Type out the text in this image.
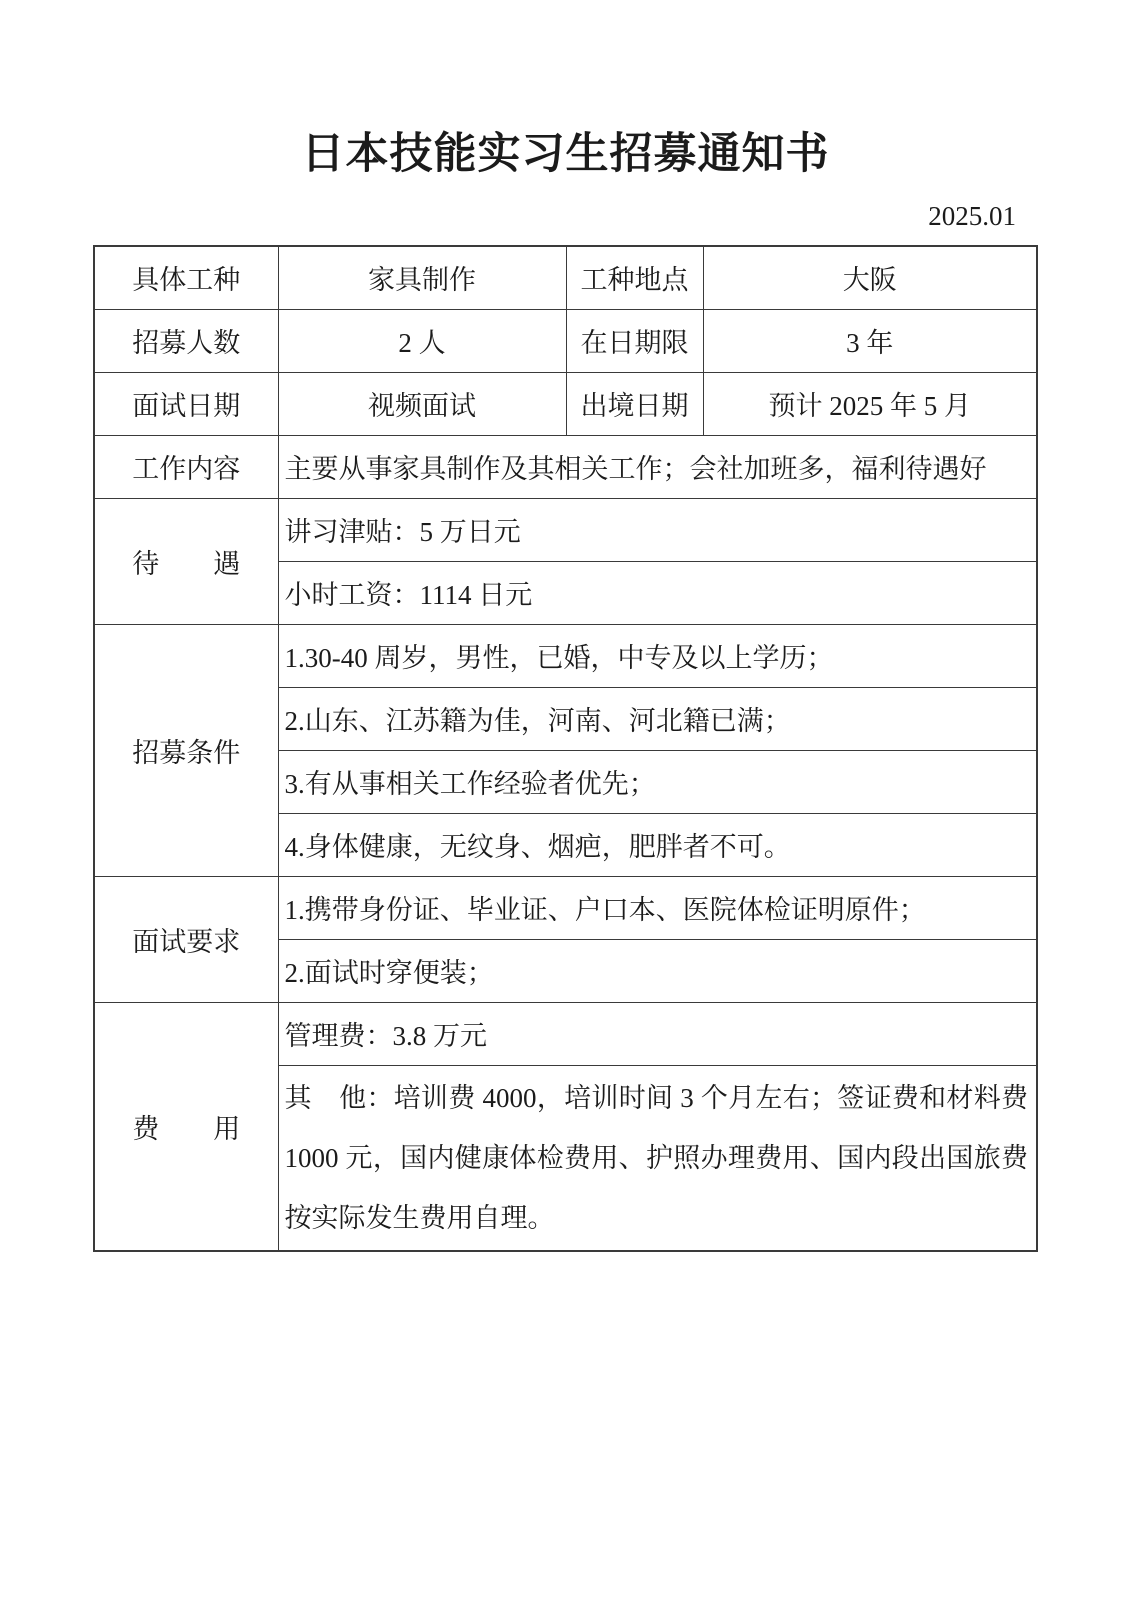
日本技能实习生招募通知书
2025.01
具体工种	家具制作	工种地点	大阪
招募人数	2 人	在日期限	3 年
面试日期	视频面试	出境日期	预计 2025 年 5 月
工作内容	主要从事家具制作及其相关工作；会社加班多，福利待遇好		
待　　遇	讲习津贴：5 万日元		
	小时工资：1114 日元		
招募条件	1.30-40 周岁，男性，已婚，中专及以上学历；		
	2.山东、江苏籍为佳，河南、河北籍已满；		
	3.有从事相关工作经验者优先；		
	4.身体健康，无纹身、烟疤，肥胖者不可。		
面试要求	1.携带身份证、毕业证、户口本、医院体检证明原件；		
	2.面试时穿便装；		
费　　用	管理费：3.8 万元		
	其　他：培训费 4000，培训时间 3 个月左右；签证费和材料费 1000 元，国内健康体检费用、护照办理费用、国内段出国旅费按实际发生费用自理。		
